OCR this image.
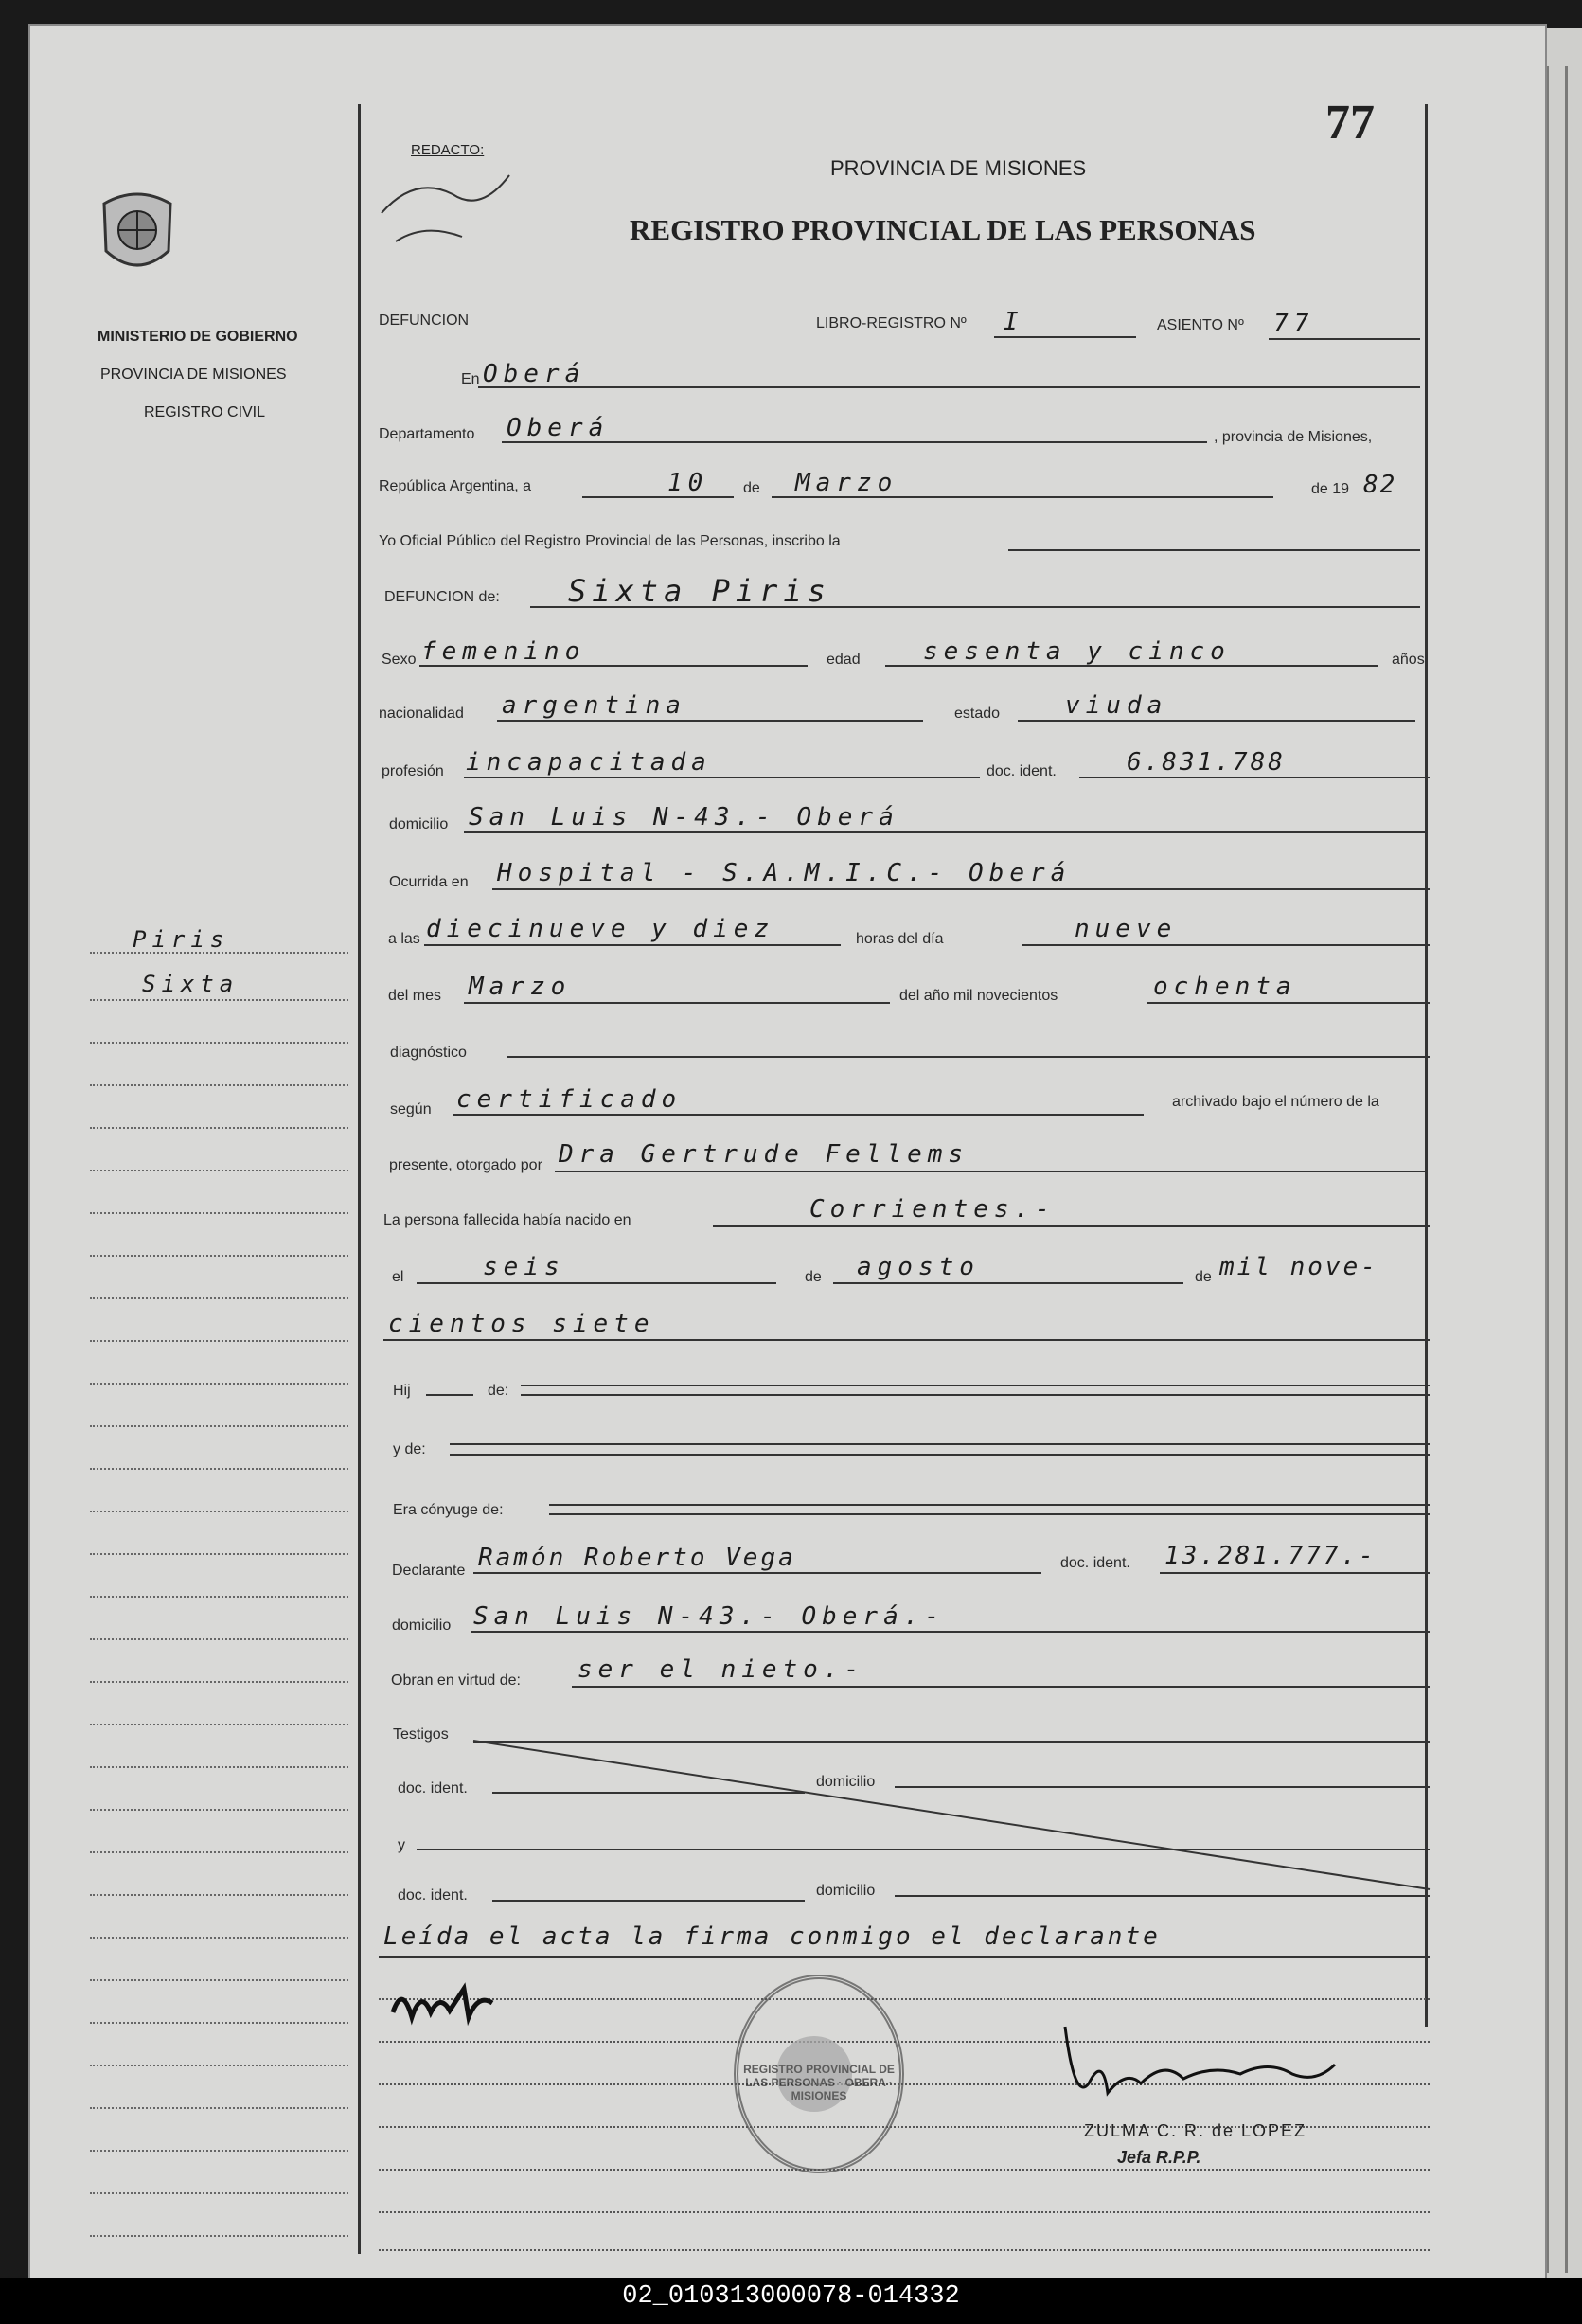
77
MINISTERIO DE GOBIERNO
PROVINCIA DE MISIONES
REGISTRO CIVIL
REDACTO:
PROVINCIA DE MISIONES
REGISTRO PROVINCIAL DE LAS PERSONAS
DEFUNCION	LIBRO-REGISTRO Nº I	ASIENTO Nº 77
En Oberá
Departamento Oberá	, provincia de Misiones,
República Argentina, a	10 de Marzo	de 19 82
Yo Oficial Público del Registro Provincial de las Personas, inscribo la
DEFUNCION de: Sixta Piris
Sexo femenino	edad	sesenta y cinco	años
nacionalidad argentina	estado	viuda
profesión incapacitada	doc. ident.	6.831.788
domicilio San Luis N-43.- Oberá
Ocurrida en Hospital - S.A.M.I.C.- Oberá
a las diecinueve y diez	horas del día	nueve
del mes Marzo	del año mil novecientos	ochenta
diagnóstico
según certificado	archivado bajo el número de la
presente, otorgado por Dra Gertrude Fellems
La persona fallecida había nacido en	Corrientes.-
el	seis	de agosto	de mil nove-
cientos siete
Hij	de:
y de:
Era cónyuge de:
Declarante Ramón Roberto Vega	doc. ident. 13.281.777.-
domicilio San Luis N-43.- Oberá.-
Obran en virtud de: ser el nieto.-
Testigos
doc. ident.	domicilio
y
doc. ident.	domicilio
Leída el acta la firma conmigo el declarante
ZULMA C. R. de LOPEZ
Jefa R.P.P.
REGISTRO PROVINCIAL DE LAS PERSONAS · OBERA · MISIONES
Piris
Sixta
02_010313000078-014332
